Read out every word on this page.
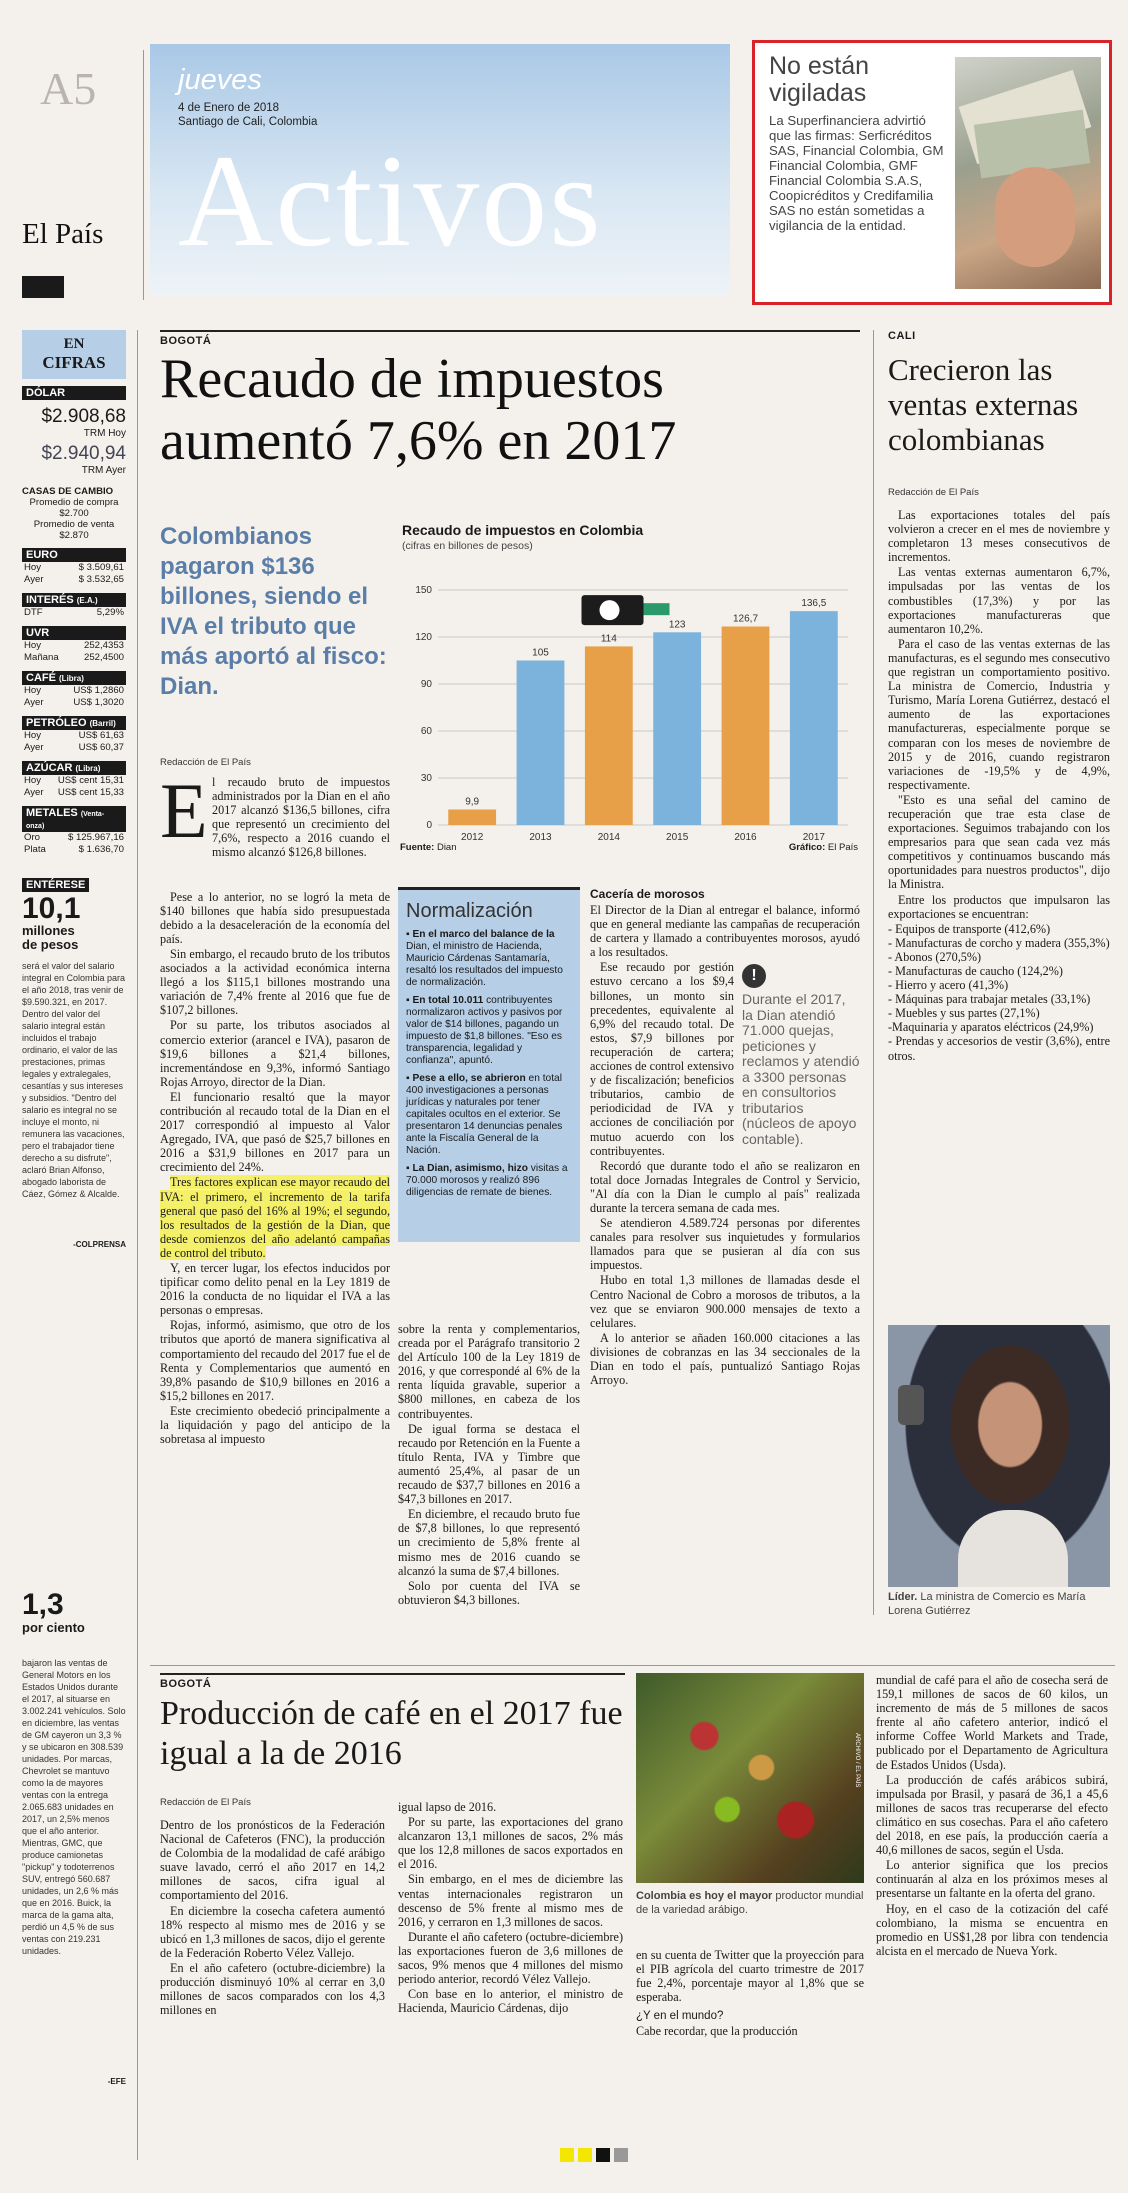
A5
El País
jueves
4 de Enero de 2018
Santiago de Cali, Colombia
Activos
No están vigiladas
La Superfinanciera advirtió que las firmas: Serficréditos SAS, Financial Colombia, GM Financial Colombia, GMF Financial Colombia S.A.S, Coopicréditos y Credifamilia SAS no están sometidas a vigilancia de la entidad.
EN
CIFRAS
DÓLAR
$2.908,68
TRM Hoy
$2.940,94
TRM Ayer
CASAS DE CAMBIO
Promedio de compra
$2.700
Promedio de venta
$2.870
EURO
Hoy	$ 3.509,61
Ayer	$ 3.532,65
INTERÉS (E.A.)
DTF	5,29%
UVR
Hoy	252,4353
Mañana	252,4500
CAFÉ (Libra)
Hoy	US$ 1,2860
Ayer	US$ 1,3020
PETRÓLEO (Barril)
Hoy	US$ 61,63
Ayer	US$ 60,37
AZÚCAR (Libra)
Hoy US$ cent 15,31
Ayer US$ cent 15,33
METALES (Venta-onza)
Oro	$ 125.967,16
Plata	$ 1.636,70
ENTÉRESE
10,1
millones de pesos
será el valor del salario integral en Colombia para el año 2018, tras venir de $9.590.321, en 2017. Dentro del valor del salario integral están incluidos el trabajo ordinario, el valor de las prestaciones, primas legales y extralegales, cesantías y sus intereses y subsidios. "Dentro del salario es integral no se incluye el monto, ni remunera las vacaciones, pero el trabajador tiene derecho a su disfrute", aclaró Brian Alfonso, abogado laborista de Cáez, Gómez & Alcalde.
-COLPRENSA
1,3
por ciento
bajaron las ventas de General Motors en los Estados Unidos durante el 2017, al situarse en 3.002.241 vehículos. Solo en diciembre, las ventas de GM cayeron un 3,3 % y se ubicaron en 308.539 unidades. Por marcas, Chevrolet se mantuvo como la de mayores ventas con la entrega 2.065.683 unidades en 2017, un 2,5% menos que el año anterior. Mientras, GMC, que produce camionetas "pickup" y todoterrenos SUV, entregó 560.687 unidades, un 2,6 % más que en 2016. Buick, la marca de la gama alta, perdió un 4,5 % de sus ventas con 219.231 unidades.
-EFE
BOGOTÁ
Recaudo de impuestos aumentó 7,6% en 2017
Colombianos pagaron $136 billones, siendo el IVA el tributo que más aportó al fisco: Dian.
Redacción de El País
Recaudo de impuestos en Colombia
(cifras en billones de pesos)
0
30
60
90
120
150
9,9
2012
105
2013
114
2014
123
2015
126,7
2016
136,5
2017
Fuente: Dian	Gráfico: El País
E l recaudo bruto de impuestos administrados por la Dian en el año 2017 alcanzó $136,5 billones, cifra que representó un crecimiento del 7,6%, respecto a 2016 cuando el mismo alcanzó $126,8 billones.

Pese a lo anterior, no se logró la meta de $140 billones que había sido presupuestada debido a la desaceleración de la economía del país.

Sin embargo, el recaudo bruto de los tributos asociados a la actividad económica interna llegó a los $115,1 billones mostrando una variación de 7,4% frente al 2016 que fue de $107,2 billones.

Por su parte, los tributos asociados al comercio exterior (arancel e IVA), pasaron de $19,6 billones a $21,4 billones, incrementándose en 9,3%, informó Santiago Rojas Arroyo, director de la Dian.

El funcionario resaltó que la mayor contribución al recaudo total de la Dian en el 2017 correspondió al impuesto al Valor Agregado, IVA, que pasó de $25,7 billones en 2016 a $31,9 billones en 2017 para un crecimiento del 24%.

Tres factores explican ese mayor recaudo del IVA: el primero, el incremento de la tarifa general que pasó del 16% al 19%; el segundo, los resultados de la gestión de la Dian, que desde comienzos del año adelantó campañas de control del tributo.

Y, en tercer lugar, los efectos inducidos por tipificar como delito penal en la Ley 1819 de 2016 la conducta de no liquidar el IVA a las personas o empresas.

Rojas, informó, asimismo, que otro de los tributos que aportó de manera significativa al comportamiento del recaudo del 2017 fue el de Renta y Complementarios que aumentó en 39,8% pasando de $10,9 billones en 2016 a $15,2 billones en 2017.

Este crecimiento obedeció principalmente a la liquidación y pago del anticipo de la sobretasa al impuesto

Normalización
▪ En el marco del balance de la Dian, el ministro de Hacienda, Mauricio Cárdenas Santamaría, resaltó los resultados del impuesto de normalización.
▪ En total 10.011 contribuyentes normalizaron activos y pasivos por valor de $14 billones, pagando un impuesto de $1,8 billones. "Eso es transparencia, legalidad y confianza", apuntó.
▪ Pese a ello, se abrieron en total 400 investigaciones a personas jurídicas y naturales por tener capitales ocultos en el exterior. Se presentaron 14 denuncias penales ante la Fiscalía General de la Nación.
▪ La Dian, asimismo, hizo visitas a 70.000 morosos y realizó 896 diligencias de remate de bienes.

sobre la renta y complementarios, creada por el Parágrafo transitorio 2 del Artículo 100 de la Ley 1819 de 2016, y que correspondé al 6% de la renta líquida gravable, superior a $800 millones, en cabeza de los contribuyentes.

De igual forma se destaca el recaudo por Retención en la Fuente a título Renta, IVA y Timbre que aumentó 25,4%, al pasar de un recaudo de $37,7 billones en 2016 a $47,3 billones en 2017.

En diciembre, el recaudo bruto fue de $7,8 billones, lo que representó un crecimiento de 5,8% frente al mismo mes de 2016 cuando se alcanzó la suma de $7,4 billones.

Solo por cuenta del IVA se obtuvieron $4,3 billones.

Cacería de morosos

El Director de la Dian al entregar el balance, informó que en general mediante las campañas de recuperación de cartera y llamado a contribuyentes morosos, ayudó a los resultados.

!
Durante el 2017, la Dian atendió 71.000 quejas, peticiones y reclamos y atendió a 3300 personas en consultorios tributarios (núcleos de apoyo contable).

Ese recaudo por gestión estuvo cercano a los $9,4 billones, un monto sin precedentes, equivalente al 6,9% del recaudo total. De estos, $7,9 billones por recuperación de cartera; acciones de control extensivo y de fiscalización; beneficios tributarios, cambio de periodicidad de IVA y acciones de conciliación por mutuo acuerdo con los contribuyentes.

Recordó que durante todo el año se realizaron en total doce Jornadas Integrales de Control y Servicio, "Al día con la Dian le cumplo al país" realizada durante la tercera semana de cada mes.

Se atendieron 4.589.724 personas por diferentes canales para resolver sus inquietudes y formularios llamados para que se pusieran al día con sus impuestos.

Hubo en total 1,3 millones de llamadas desde el Centro Nacional de Cobro a morosos de tributos, a la vez que se enviaron 900.000 mensajes de texto a celulares.

A lo anterior se añaden 160.000 citaciones a las divisiones de cobranzas en las 34 seccionales de la Dian en todo el país, puntualizó Santiago Rojas Arroyo.

CALI
Crecieron las ventas externas colombianas
Redacción de El País

Las exportaciones totales del país volvieron a crecer en el mes de noviembre y completaron 13 meses consecutivos de incrementos.

Las ventas externas aumentaron 6,7%, impulsadas por las ventas de los combustibles (17,3%) y por las exportaciones manufactureras que aumentaron 10,2%.

Para el caso de las ventas externas de las manufacturas, es el segundo mes consecutivo que registran un comportamiento positivo. La ministra de Comercio, Industria y Turismo, María Lorena Gutiérrez, destacó el aumento de las exportaciones manufactureras, especialmente porque se comparan con los meses de noviembre de 2015 y de 2016, cuando registraron variaciones de -19,5% y de 4,9%, respectivamente.

"Esto es una señal del camino de recuperación que trae esta clase de exportaciones. Seguimos trabajando con los empresarios para que sean cada vez más competitivos y continuamos buscando más oportunidades para nuestros productos", dijo la Ministra.

Entre los productos que impulsaron las exportaciones se encuentran:

- Equipos de transporte (412,6%)

- Manufacturas de corcho y madera (355,3%)

- Abonos (270,5%)

- Manufacturas de caucho (124,2%)

- Hierro y acero (41,3%)

- Máquinas para trabajar metales (33,1%)

- Muebles y sus partes (27,1%)

-Maquinaria y aparatos eléctricos (24,9%)

- Prendas y accesorios de vestir (3,6%), entre otros.

Líder. La ministra de Comercio es María Lorena Gutiérrez
BOGOTÁ
Producción de café en el 2017 fue igual a la de 2016
Redacción de El País

Dentro de los pronósticos de la Federación Nacional de Cafeteros (FNC), la producción de Colombia de la modalidad de café arábigo suave lavado, cerró el año 2017 en 14,2 millones de sacos, cifra igual al comportamiento del 2016.

En diciembre la cosecha cafetera aumentó 18% respecto al mismo mes de 2016 y se ubicó en 1,3 millones de sacos, dijo el gerente de la Federación Roberto Vélez Vallejo.

En el año cafetero (octubre-diciembre) la producción disminuyó 10% al cerrar en 3,0 millones de sacos comparados con los 4,3 millones en

igual lapso de 2016.

Por su parte, las exportaciones del grano alcanzaron 13,1 millones de sacos, 2% más que los 12,8 millones de sacos exportados en el 2016.

Sin embargo, en el mes de diciembre las ventas internacionales registraron un descenso de 5% frente al mismo mes de 2016, y cerraron en 1,3 millones de sacos.

Durante el año cafetero (octubre-diciembre) las exportaciones fueron de 3,6 millones de sacos, 9% menos que 4 millones del mismo periodo anterior, recordó Vélez Vallejo.

Con base en lo anterior, el ministro de Hacienda, Mauricio Cárdenas, dijo

ARCHIVO / EL PAÍS
Colombia es hoy el mayor productor mundial de la variedad arábigo.

en su cuenta de Twitter que la proyección para el PIB agrícola del cuarto trimestre de 2017 fue 2,4%, porcentaje mayor al 1,8% que se esperaba.

¿Y en el mundo?

Cabe recordar, que la producción

mundial de café para el año de cosecha será de 159,1 millones de sacos de 60 kilos, un incremento de más de 5 millones de sacos frente al año cafetero anterior, indicó el informe Coffee World Markets and Trade, publicado por el Departamento de Agricultura de Estados Unidos (Usda).

La producción de cafés arábicos subirá, impulsada por Brasil, y pasará de 36,1 a 45,6 millones de sacos tras recuperarse del efecto climático en sus cosechas. Para el año cafetero del 2018, en ese país, la producción caería a 40,6 millones de sacos, según el Usda.

Lo anterior significa que los precios continuarán al alza en los próximos meses al presentarse un faltante en la oferta del grano.

Hoy, en el caso de la cotización del café colombiano, la misma se encuentra en promedio en US$1,28 por libra con tendencia alcista en el mercado de Nueva York.
